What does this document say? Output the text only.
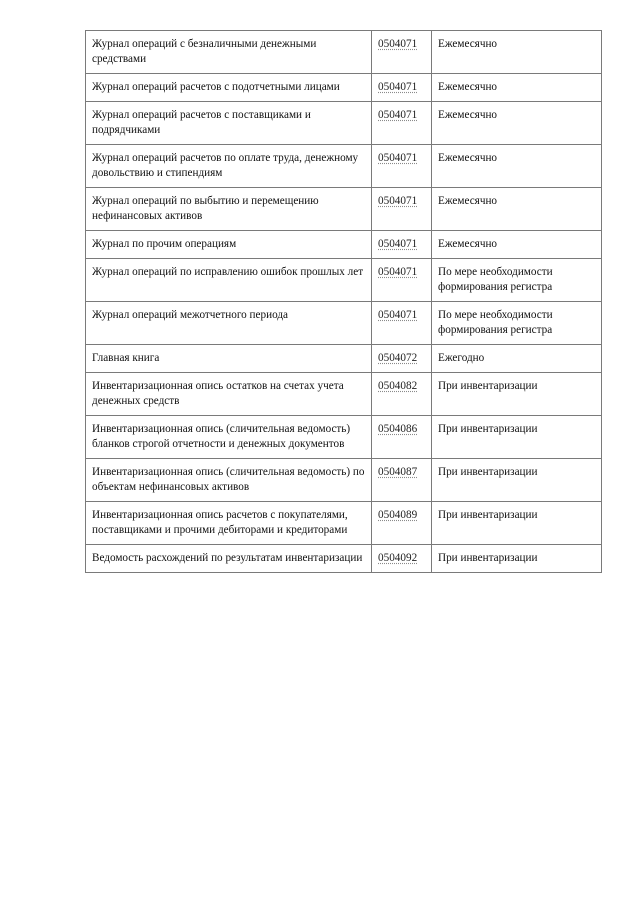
Журнал операций с безналичными денежными средствами	0504071	Ежемесячно
Журнал операций расчетов с подотчетными лицами	0504071	Ежемесячно
Журнал операций расчетов с поставщиками и подрядчиками	0504071	Ежемесячно
Журнал операций расчетов по оплате труда, денежному довольствию и стипендиям	0504071	Ежемесячно
Журнал операций по выбытию и перемещению нефинансовых активов	0504071	Ежемесячно
Журнал по прочим операциям	0504071	Ежемесячно
Журнал операций по исправлению ошибок прошлых лет	0504071	По мере необходимости формирования регистра
Журнал операций межотчетного периода	0504071	По мере необходимости формирования регистра
Главная книга	0504072	Ежегодно
Инвентаризационная опись остатков на счетах учета денежных средств	0504082	При инвентаризации
Инвентаризационная опись (сличительная ведомость) бланков строгой отчетности и денежных документов	0504086	При инвентаризации
Инвентаризационная опись (сличительная ведомость) по объектам нефинансовых активов	0504087	При инвентаризации
Инвентаризационная опись расчетов с покупателями, поставщиками и прочими дебиторами и кредиторами	0504089	При инвентаризации
Ведомость расхождений по результатам инвентаризации	0504092	При инвентаризации
